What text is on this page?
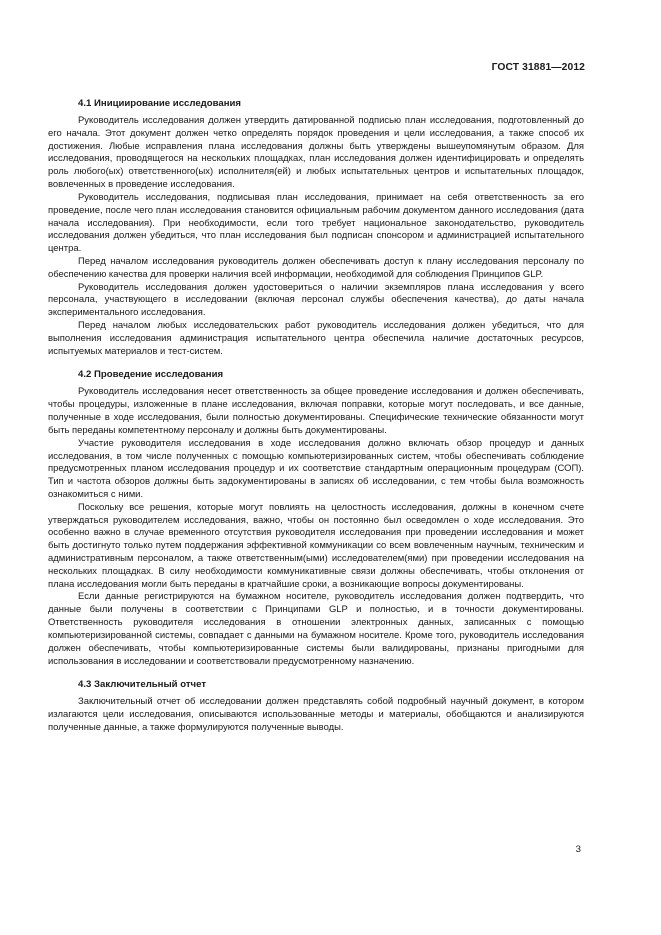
ГОСТ 31881—2012

4.1 Инициирование исследования

Руководитель исследования должен утвердить датированной подписью план исследования, подготовленный до его начала. Этот документ должен четко определять порядок проведения и цели исследования, а также способ их достижения. Любые исправления плана исследования должны быть утверждены вышеупомянутым образом. Для исследования, проводящегося на нескольких площадках, план исследования должен идентифицировать и определять роль любого(ых) ответственного(ых) исполнителя(ей) и любых испытательных центров и испытательных площадок, вовлеченных в проведение исследования.

Руководитель исследования, подписывая план исследования, принимает на себя ответственность за его проведение, после чего план исследования становится официальным рабочим документом данного исследования (дата начала исследования). При необходимости, если того требует национальное законодательство, руководитель исследования должен убедиться, что план исследования был подписан спонсором и администрацией испытательного центра.

Перед началом исследования руководитель должен обеспечивать доступ к плану исследования персоналу по обеспечению качества для проверки наличия всей информации, необходимой для соблюдения Принципов GLP.

Руководитель исследования должен удостовериться о наличии экземпляров плана исследования у всего персонала, участвующего в исследовании (включая персонал службы обеспечения качества), до даты начала экспериментального исследования.

Перед началом любых исследовательских работ руководитель исследования должен убедиться, что для выполнения исследования администрация испытательного центра обеспечила наличие достаточных ресурсов, испытуемых материалов и тест-систем.

4.2 Проведение исследования

Руководитель исследования несет ответственность за общее проведение исследования и должен обеспечивать, чтобы процедуры, изложенные в плане исследования, включая поправки, которые могут последовать, и все данные, полученные в ходе исследования, были полностью документированы. Специфические технические обязанности могут быть переданы компетентному персоналу и должны быть документированы.

Участие руководителя исследования в ходе исследования должно включать обзор процедур и данных исследования, в том числе полученных с помощью компьютеризированных систем, чтобы обеспечивать соблюдение предусмотренных планом исследования процедур и их соответствие стандартным операционным процедурам (СОП). Тип и частота обзоров должны быть задокументированы в записях об исследовании, с тем чтобы была возможность ознакомиться с ними.

Поскольку все решения, которые могут повлиять на целостность исследования, должны в конечном счете утверждаться руководителем исследования, важно, чтобы он постоянно был осведомлен о ходе исследования. Это особенно важно в случае временного отсутствия руководителя исследования при проведении исследования и может быть достигнуто только путем поддержания эффективной коммуникации со всем вовлеченным научным, техническим и административным персоналом, а также ответственным(ыми) исследователем(ями) при проведении исследования на нескольких площадках. В силу необходимости коммуникативные связи должны обеспечивать, чтобы отклонения от плана исследования могли быть переданы в кратчайшие сроки, а возникающие вопросы документированы.

Если данные регистрируются на бумажном носителе, руководитель исследования должен подтвердить, что данные были получены в соответствии с Принципами GLP и полностью, и в точности документированы. Ответственность руководителя исследования в отношении электронных данных, записанных с помощью компьютеризированной системы, совпадает с данными на бумажном носителе. Кроме того, руководитель исследования должен обеспечивать, чтобы компьютеризированные системы были валидированы, признаны пригодными для использования в исследовании и соответствовали предусмотренному назначению.

4.3 Заключительный отчет

Заключительный отчет об исследовании должен представлять собой подробный научный документ, в котором излагаются цели исследования, описываются использованные методы и материалы, обобщаются и анализируются полученные данные, а также формулируются полученные выводы.

3
